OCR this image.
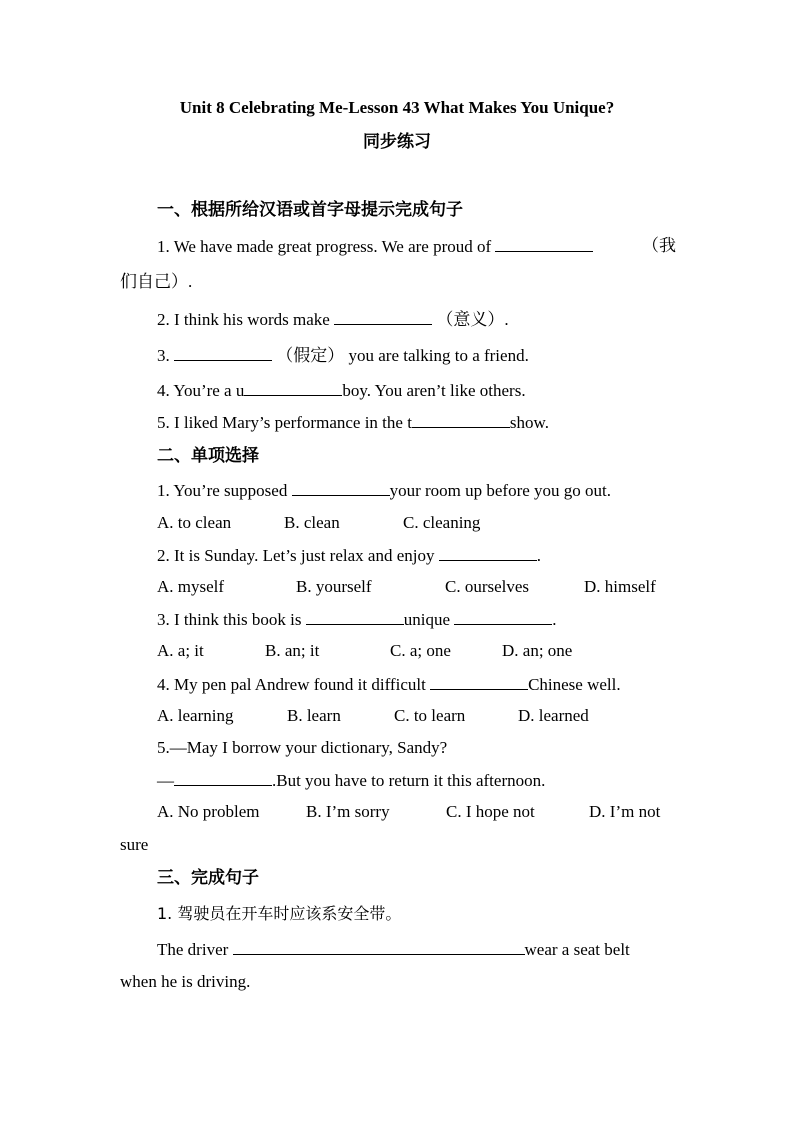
Unit 8 Celebrating Me-Lesson 43 What Makes You Unique?
同步练习
一、根据所给汉语或首字母提示完成句子
1. We have made great progress. We are proud of	（我
们自己）.
2. I think his words make	（意义）.
3.	（假定） you are talking to a friend.
4. You’re a u	boy. You aren’t like others.
5. I liked Mary’s performance in the t	show.
二、单项选择
1. You’re supposed	your room up before you go out.
A. to clean	B. clean	C. cleaning
2. It is Sunday. Let’s just relax and enjoy	.
A. myself	B. yourself	C. ourselves	D. himself
3. I think this book is	unique	.
A. a; it	B. an; it	C. a; one	D. an; one
4. My pen pal Andrew found it difficult	Chinese well.
A. learning	B. learn	C. to learn	D. learned
5.—May I borrow your dictionary, Sandy?
—	.But you have to return it this afternoon.
A. No problem	B. I’m sorry	C. I hope not	D. I’m not
sure
三、完成句子
1. 驾驶员在开车时应该系安全带。
The driver	wear a seat belt
when he is driving.
